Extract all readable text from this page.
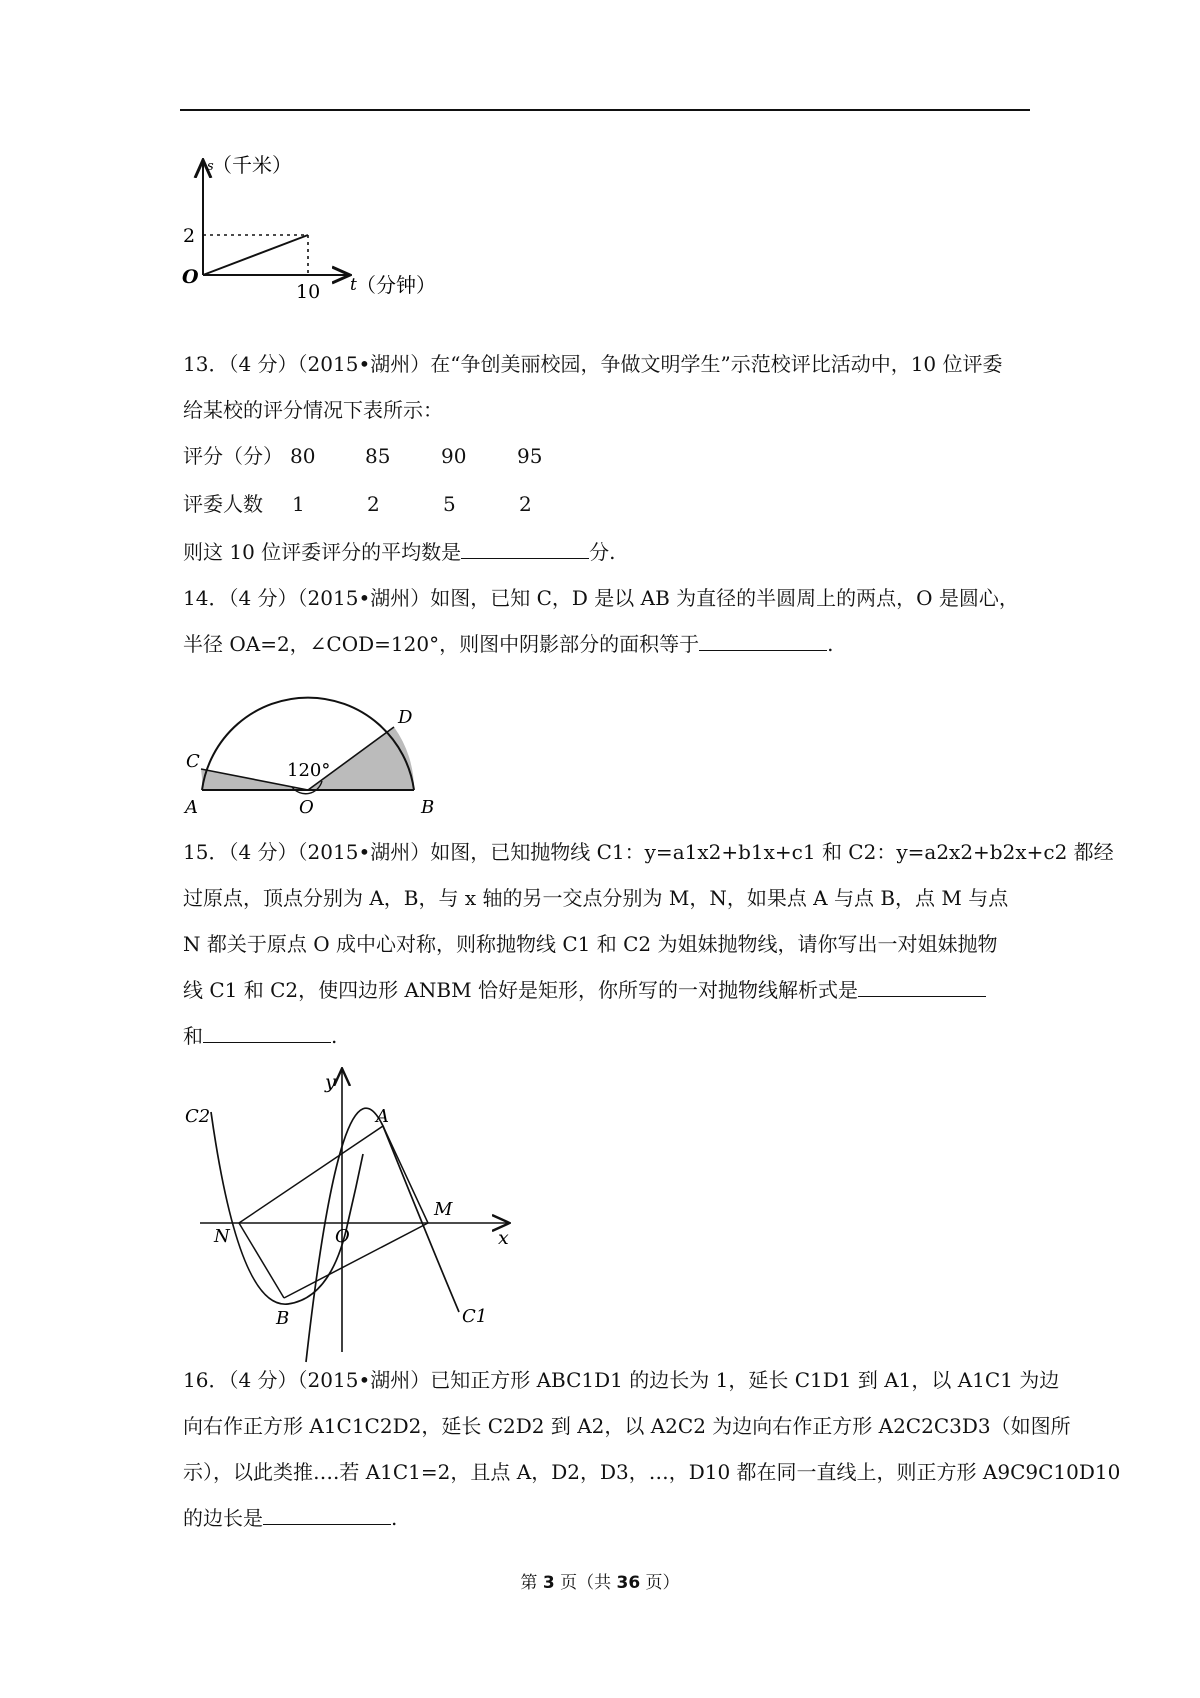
s
（千米）
t （分钟）
O
2
10
13．（4 分）（2015•湖州）在“争创美丽校园，争做文明学生”示范校评比活动中，10 位评委
给某校的评分情况下表所示：
评分（分） 80 85	90	95
评委人数 1	2	5	2
则这 10 位评委评分的平均数是	分.
14．（4 分）（2015•湖州）如图，已知 C，D 是以 AB 为直径的半圆周上的两点，O 是圆心，
半径 OA=2，∠COD=120°，则图中阴影部分的面积等于	.
120°
A	O	B
C
D
15．（4 分）（2015•湖州）如图，已知抛物线 C1：y=a1x2+b1x+c1 和 C2：y=a2x2+b2x+c2 都经
过原点，顶点分别为 A，B，与 x 轴的另一交点分别为 M，N，如果点 A 与点 B，点 M 与点
N 都关于原点 O 成中心对称，则称抛物线 C1 和 C2 为姐妹抛物线，请你写出一对姐妹抛物
线 C1 和 C2，使四边形 ANBM 恰好是矩形，你所写的一对抛物线解析式是
和	.
y
x
C2
C1
A
B
M
N	O
16．（4 分）（2015•湖州）已知正方形 ABC1D1 的边长为 1，延长 C1D1 到 A1，以 A1C1 为边
向右作正方形 A1C1C2D2，延长 C2D2 到 A2，以 A2C2 为边向右作正方形 A2C2C3D3（如图所
示），以此类推….若 A1C1=2，且点 A，D2，D3，…，D10 都在同一直线上，则正方形 A9C9C10D10
的边长是	.
第 3 页（共 36 页）
